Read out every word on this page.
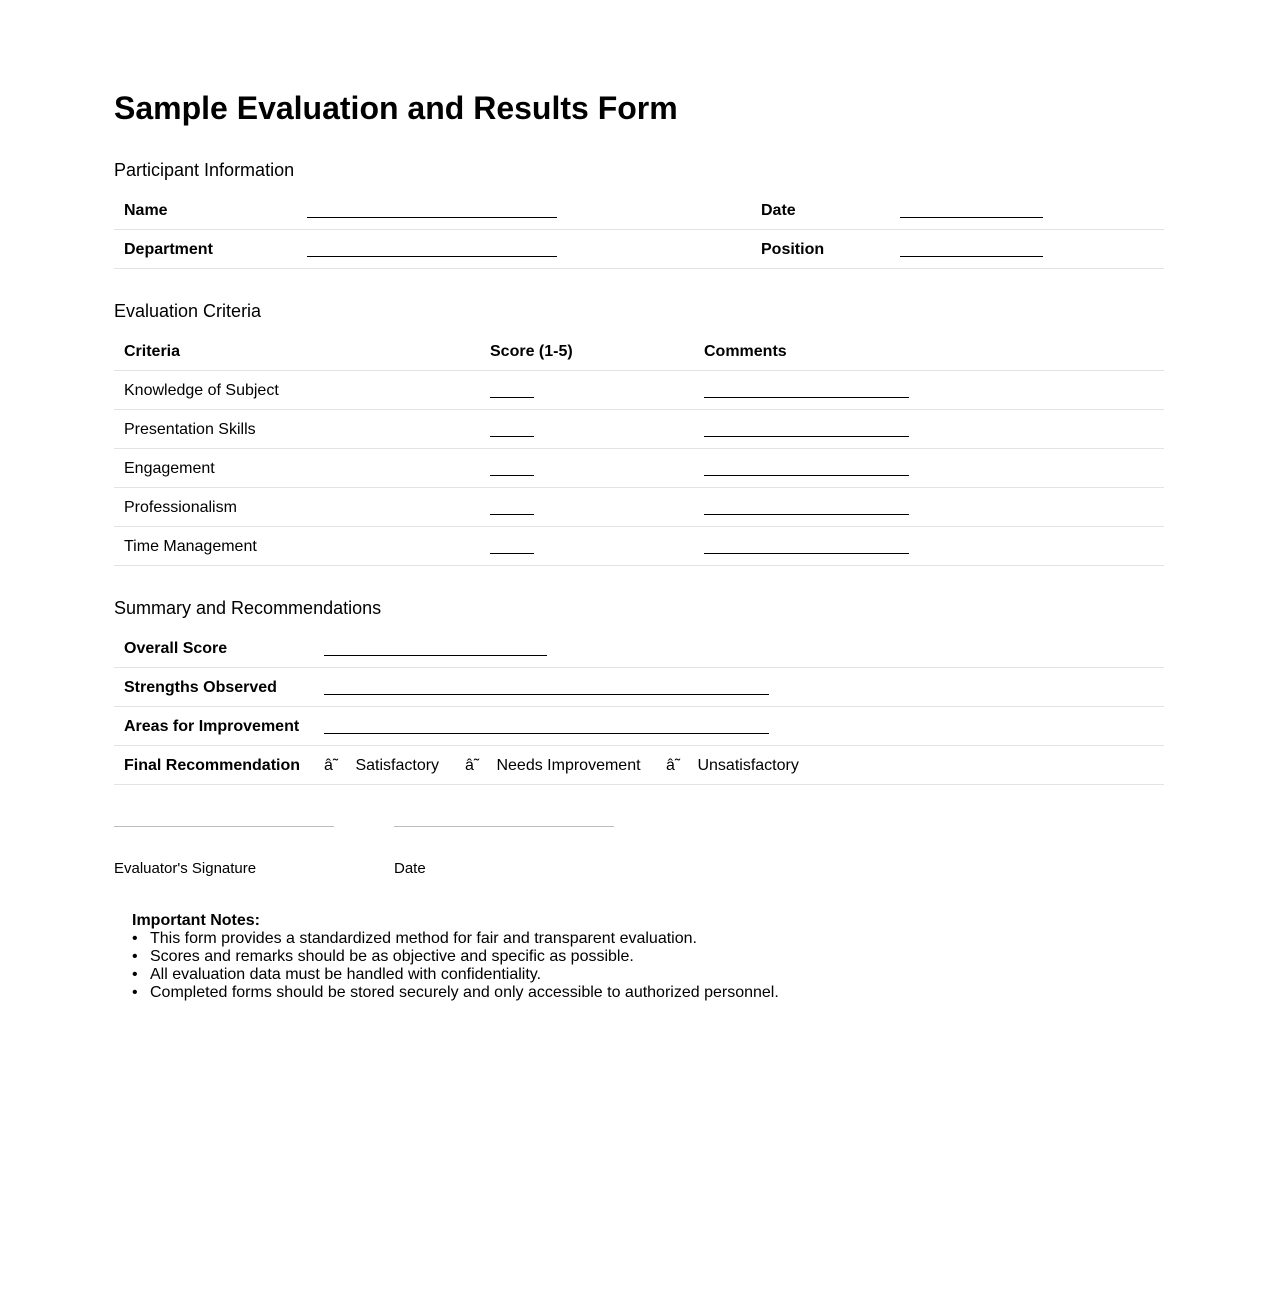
Sample Evaluation and Results Form
Participant Information
Name	Date
Department	Position
Evaluation Criteria
Criteria	Score (1-5)	Comments
Knowledge of Subject
Presentation Skills
Engagement
Professionalism
Time Management
Summary and Recommendations
Overall Score
Strengths Observed
Areas for Improvement
Final Recommendation â˜ Satisfactory â˜ Needs Improvement â˜ Unsatisfactory
Evaluator's Signature	Date
Important Notes:
• This form provides a standardized method for fair and transparent evaluation.
• Scores and remarks should be as objective and specific as possible.
• All evaluation data must be handled with confidentiality.
• Completed forms should be stored securely and only accessible to authorized personnel.
